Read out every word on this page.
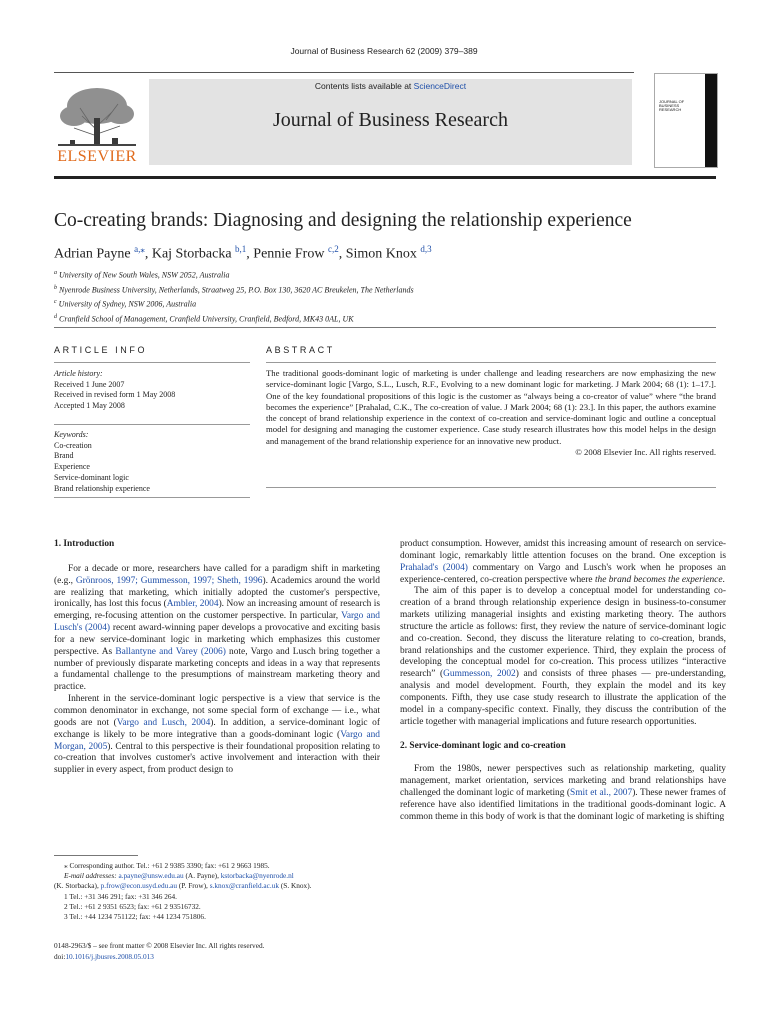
Journal of Business Research 62 (2009) 379–389
ELSEVIER
Contents lists available at ScienceDirect
Journal of Business Research
JOURNAL OF BUSINESS RESEARCH
Co-creating brands: Diagnosing and designing the relationship experience
Adrian Payne $^{a,⁎}$, Kaj Storbacka $^{b,1}$, Pennie Frow $^{c,2}$, Simon Knox $^{d,3}$
$^a$ University of New South Wales, NSW 2052, Australia
$^b$ Nyenrode Business University, Netherlands, Straatweg 25, P.O. Box 130, 3620 AC Breukelen, The Netherlands
$^c$ University of Sydney, NSW 2006, Australia
$^d$ Cranfield School of Management, Cranfield University, Cranfield, Bedford, MK43 0AL, UK
ARTICLE INFO
Article history:
Received 1 June 2007
Received in revised form 1 May 2008
Accepted 1 May 2008
Keywords:
Co-creation
Brand
Experience
Service-dominant logic
Brand relationship experience
ABSTRACT
The traditional goods-dominant logic of marketing is under challenge and leading researchers are now emphasizing the new service-dominant logic [Vargo, S.L., Lusch, R.F., Evolving to a new dominant logic for marketing. J Mark 2004; 68 (1): 1–17.]. One of the key foundational propositions of this logic is the customer as “always being a co-creator of value” where “the brand becomes the experience” [Prahalad, C.K., The co-creation of value. J Mark 2004; 68 (1): 23.]. In this paper, the authors examine the concept of brand relationship experience in the context of co-creation and service-dominant logic and outline a conceptual model for designing and managing the customer experience. Case study research illustrates how this model helps in the design and management of the brand relationship experience for an innovative new product.
© 2008 Elsevier Inc. All rights reserved.
1. Introduction

For a decade or more, researchers have called for a paradigm shift in marketing (e.g., Grönroos, 1997; Gummesson, 1997; Sheth, 1996). Academics around the world are realizing that marketing, which initially adopted the customer's perspective, ironically, has lost this focus (Ambler, 2004). Now an increasing amount of research is emerging, re-focusing attention on the customer perspective. In particular, Vargo and Lusch's (2004) recent award-winning paper develops a provocative and exciting basis for a new service-dominant logic in marketing which emphasizes this customer perspective. As Ballantyne and Varey (2006) note, Vargo and Lusch bring together a number of previously disparate marketing concepts and ideas in a way that represents a fundamental challenge to the presumptions of mainstream marketing theory and practice.

Inherent in the service-dominant logic perspective is a view that service is the common denominator in exchange, not some special form of exchange — i.e., what goods are not (Vargo and Lusch, 2004). In addition, a service-dominant logic of exchange is likely to be more integrative than a goods-dominant logic (Vargo and Morgan, 2005). Central to this perspective is their foundational proposition relating to co-creation that involves customer's active involvement and interaction with their supplier in every aspect, from product design to

product consumption. However, amidst this increasing amount of research on service-dominant logic, remarkably little attention focuses on the brand. One exception is Prahalad's (2004) commentary on Vargo and Lusch's work when he proposes an experience-centered, co-creation perspective where the brand becomes the experience.

The aim of this paper is to develop a conceptual model for understanding co-creation of a brand through relationship experience design in business-to-consumer markets utilizing managerial insights and existing marketing theory. The authors structure the article as follows: first, they review the nature of service-dominant logic and co-creation. Second, they discuss the literature relating to co-creation, brands, brand relationships and the customer experience. Third, they explain the process of developing the conceptual model for co-creation. This process utilizes “interactive research” (Gummesson, 2002) and consists of three phases — pre-understanding, analysis and model development. Fourth, they explain the model and its key components. Fifth, they use case study research to illustrate the application of the model in a company-specific context. Finally, they discuss the contribution of the article together with managerial implications and future research opportunities.

2. Service-dominant logic and co-creation

From the 1980s, newer perspectives such as relationship marketing, quality management, market orientation, services marketing and brand relationships have challenged the dominant logic of marketing (Smit et al., 2007). These newer frames of reference have also identified limitations in the traditional goods-dominant logic. A common theme in this body of work is that the dominant logic of marketing is shifting

⁎ Corresponding author. Tel.: +61 2 9385 3390; fax: +61 2 9663 1985.
E-mail addresses: a.payne@unsw.edu.au (A. Payne), kstorbacka@nyenrode.nl
(K. Storbacka), p.frow@econ.usyd.edu.au (P. Frow), s.knox@cranfield.ac.uk (S. Knox).
1 Tel.: +31 346 291; fax: +31 346 264.
2 Tel.: +61 2 9351 6523; fax: +61 2 93516732.
3 Tel.: +44 1234 751122; fax: +44 1234 751806.
0148-2963/$ – see front matter © 2008 Elsevier Inc. All rights reserved.
doi:10.1016/j.jbusres.2008.05.013
